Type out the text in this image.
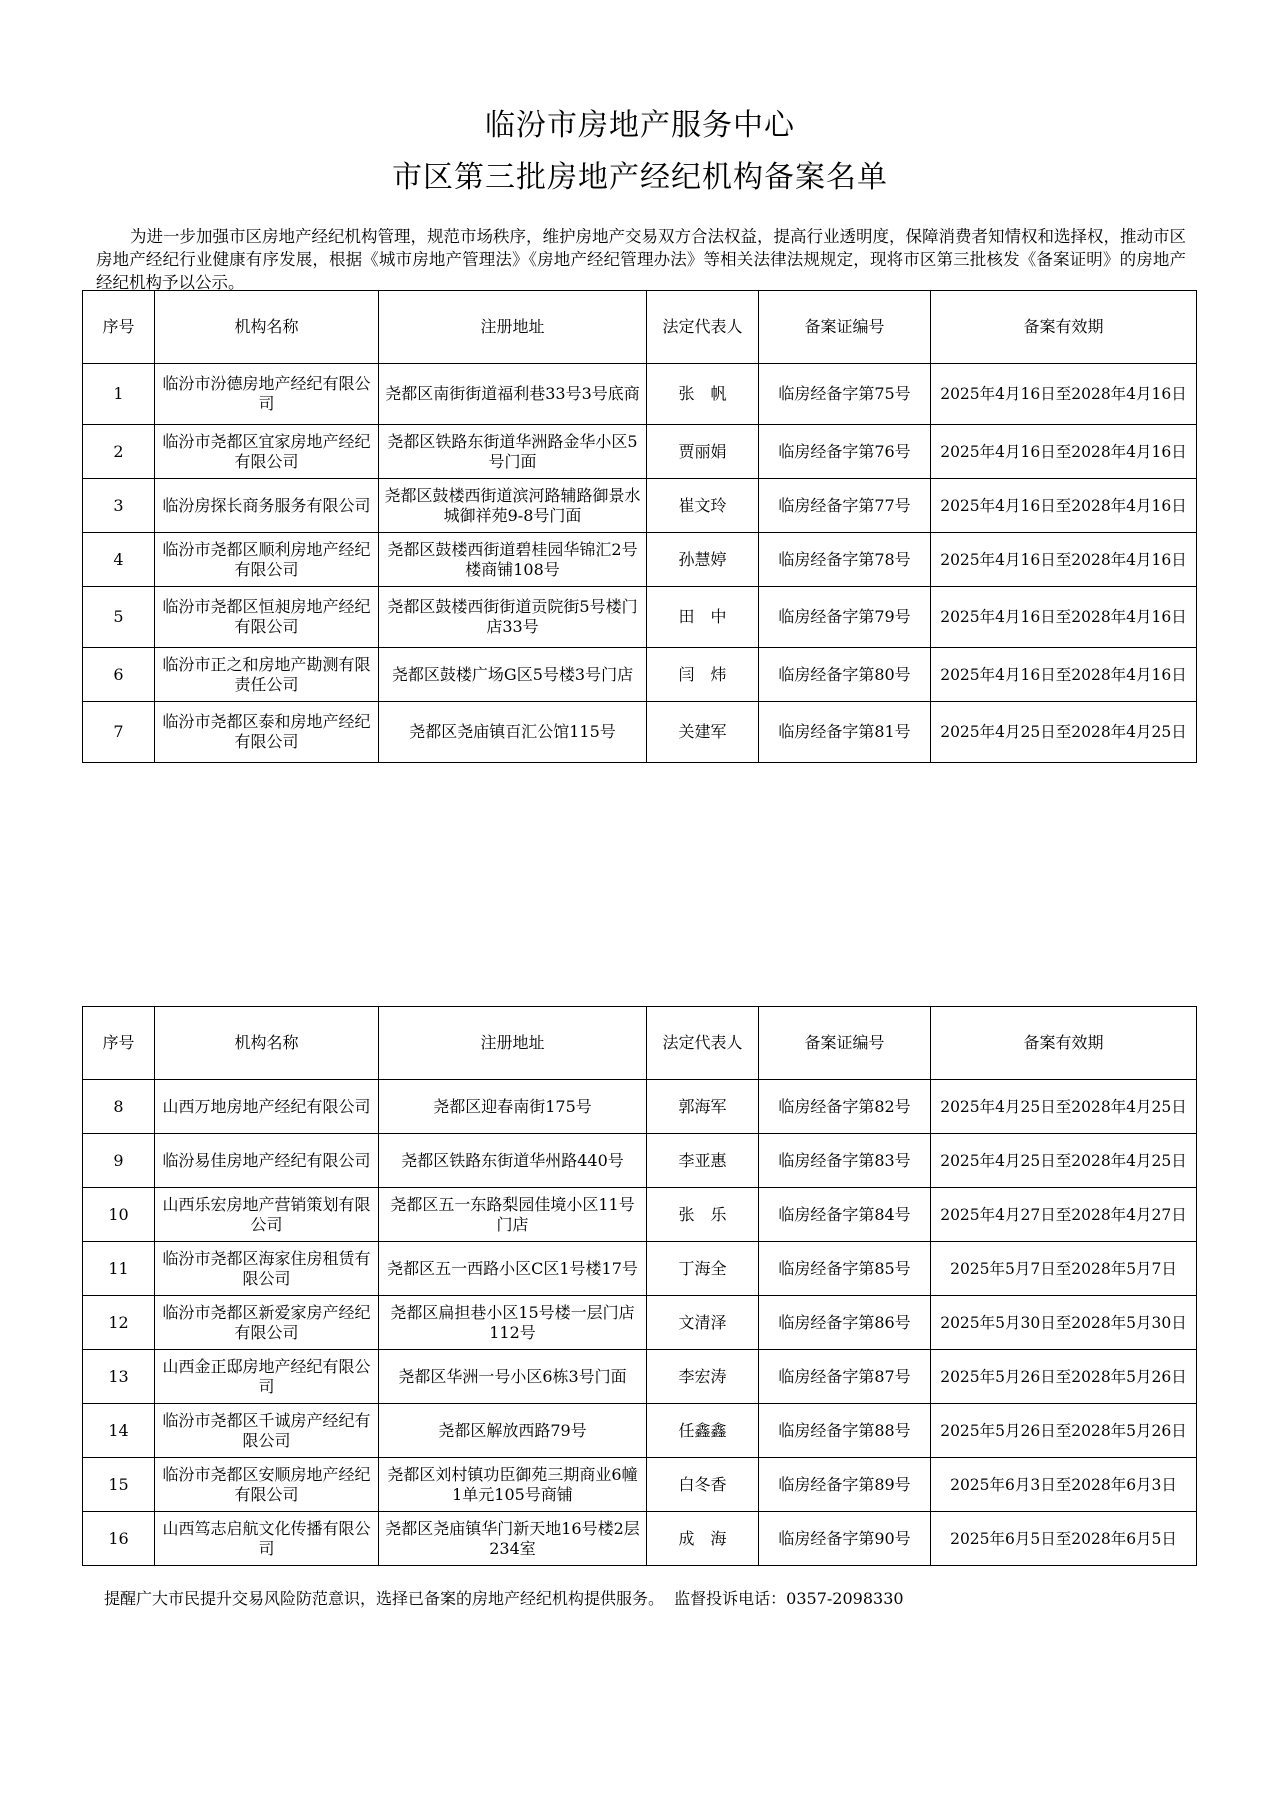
临汾市房地产服务中心
市区第三批房地产经纪机构备案名单

为进一步加强市区房地产经纪机构管理，规范市场秩序，维护房地产交易双方合法权益，提高行业透明度，保障消费者知情权和选择权，推动市区房地产经纪行业健康有序发展，根据《城市房地产管理法》《房地产经纪管理办法》等相关法律法规规定，现将市区第三批核发《备案证明》的房地产经纪机构予以公示。

序号	机构名称	注册地址	法定代表人	备案证编号	备案有效期
1	临汾市汾德房地产经纪有限公司	尧都区南街街道福利巷33号3号底商	张　帆	临房经备字第75号	2025年4月16日至2028年4月16日
2	临汾市尧都区宜家房地产经纪有限公司	尧都区铁路东街道华洲路金华小区5号门面	贾丽娟	临房经备字第76号	2025年4月16日至2028年4月16日
3	临汾房探长商务服务有限公司	尧都区鼓楼西街道滨河路辅路御景水城御祥苑9-8号门面	崔文玲	临房经备字第77号	2025年4月16日至2028年4月16日
4	临汾市尧都区顺利房地产经纪有限公司	尧都区鼓楼西街道碧桂园华锦汇2号楼商铺108号	孙慧婷	临房经备字第78号	2025年4月16日至2028年4月16日
5	临汾市尧都区恒昶房地产经纪有限公司	尧都区鼓楼西街街道贡院街5号楼门店33号	田　中	临房经备字第79号	2025年4月16日至2028年4月16日
6	临汾市正之和房地产勘测有限责任公司	尧都区鼓楼广场G区5号楼3号门店	闫　炜	临房经备字第80号	2025年4月16日至2028年4月16日
7	临汾市尧都区泰和房地产经纪有限公司	尧都区尧庙镇百汇公馆115号	关建军	临房经备字第81号	2025年4月25日至2028年4月25日
序号	机构名称	注册地址	法定代表人	备案证编号	备案有效期
8	山西万地房地产经纪有限公司	尧都区迎春南街175号	郭海军	临房经备字第82号	2025年4月25日至2028年4月25日
9	临汾易佳房地产经纪有限公司	尧都区铁路东街道华州路440号	李亚惠	临房经备字第83号	2025年4月25日至2028年4月25日
10	山西乐宏房地产营销策划有限公司	尧都区五一东路梨园佳境小区11号门店	张　乐	临房经备字第84号	2025年4月27日至2028年4月27日
11	临汾市尧都区海家住房租赁有限公司	尧都区五一西路小区C区1号楼17号	丁海全	临房经备字第85号	2025年5月7日至2028年5月7日
12	临汾市尧都区新爱家房产经纪有限公司	尧都区扁担巷小区15号楼一层门店112号	文清泽	临房经备字第86号	2025年5月30日至2028年5月30日
13	山西金正邸房地产经纪有限公司	尧都区华洲一号小区6栋3号门面	李宏涛	临房经备字第87号	2025年5月26日至2028年5月26日
14	临汾市尧都区千诚房产经纪有限公司	尧都区解放西路79号	任鑫鑫	临房经备字第88号	2025年5月26日至2028年5月26日
15	临汾市尧都区安顺房地产经纪有限公司	尧都区刘村镇功臣御苑三期商业6幢1单元105号商铺	白冬香	临房经备字第89号	2025年6月3日至2028年6月3日
16	山西笃志启航文化传播有限公司	尧都区尧庙镇华门新天地16号楼2层234室	成　海	临房经备字第90号	2025年6月5日至2028年6月5日
提醒广大市民提升交易风险防范意识，选择已备案的房地产经纪机构提供服务。  监督投诉电话：0357-2098330
